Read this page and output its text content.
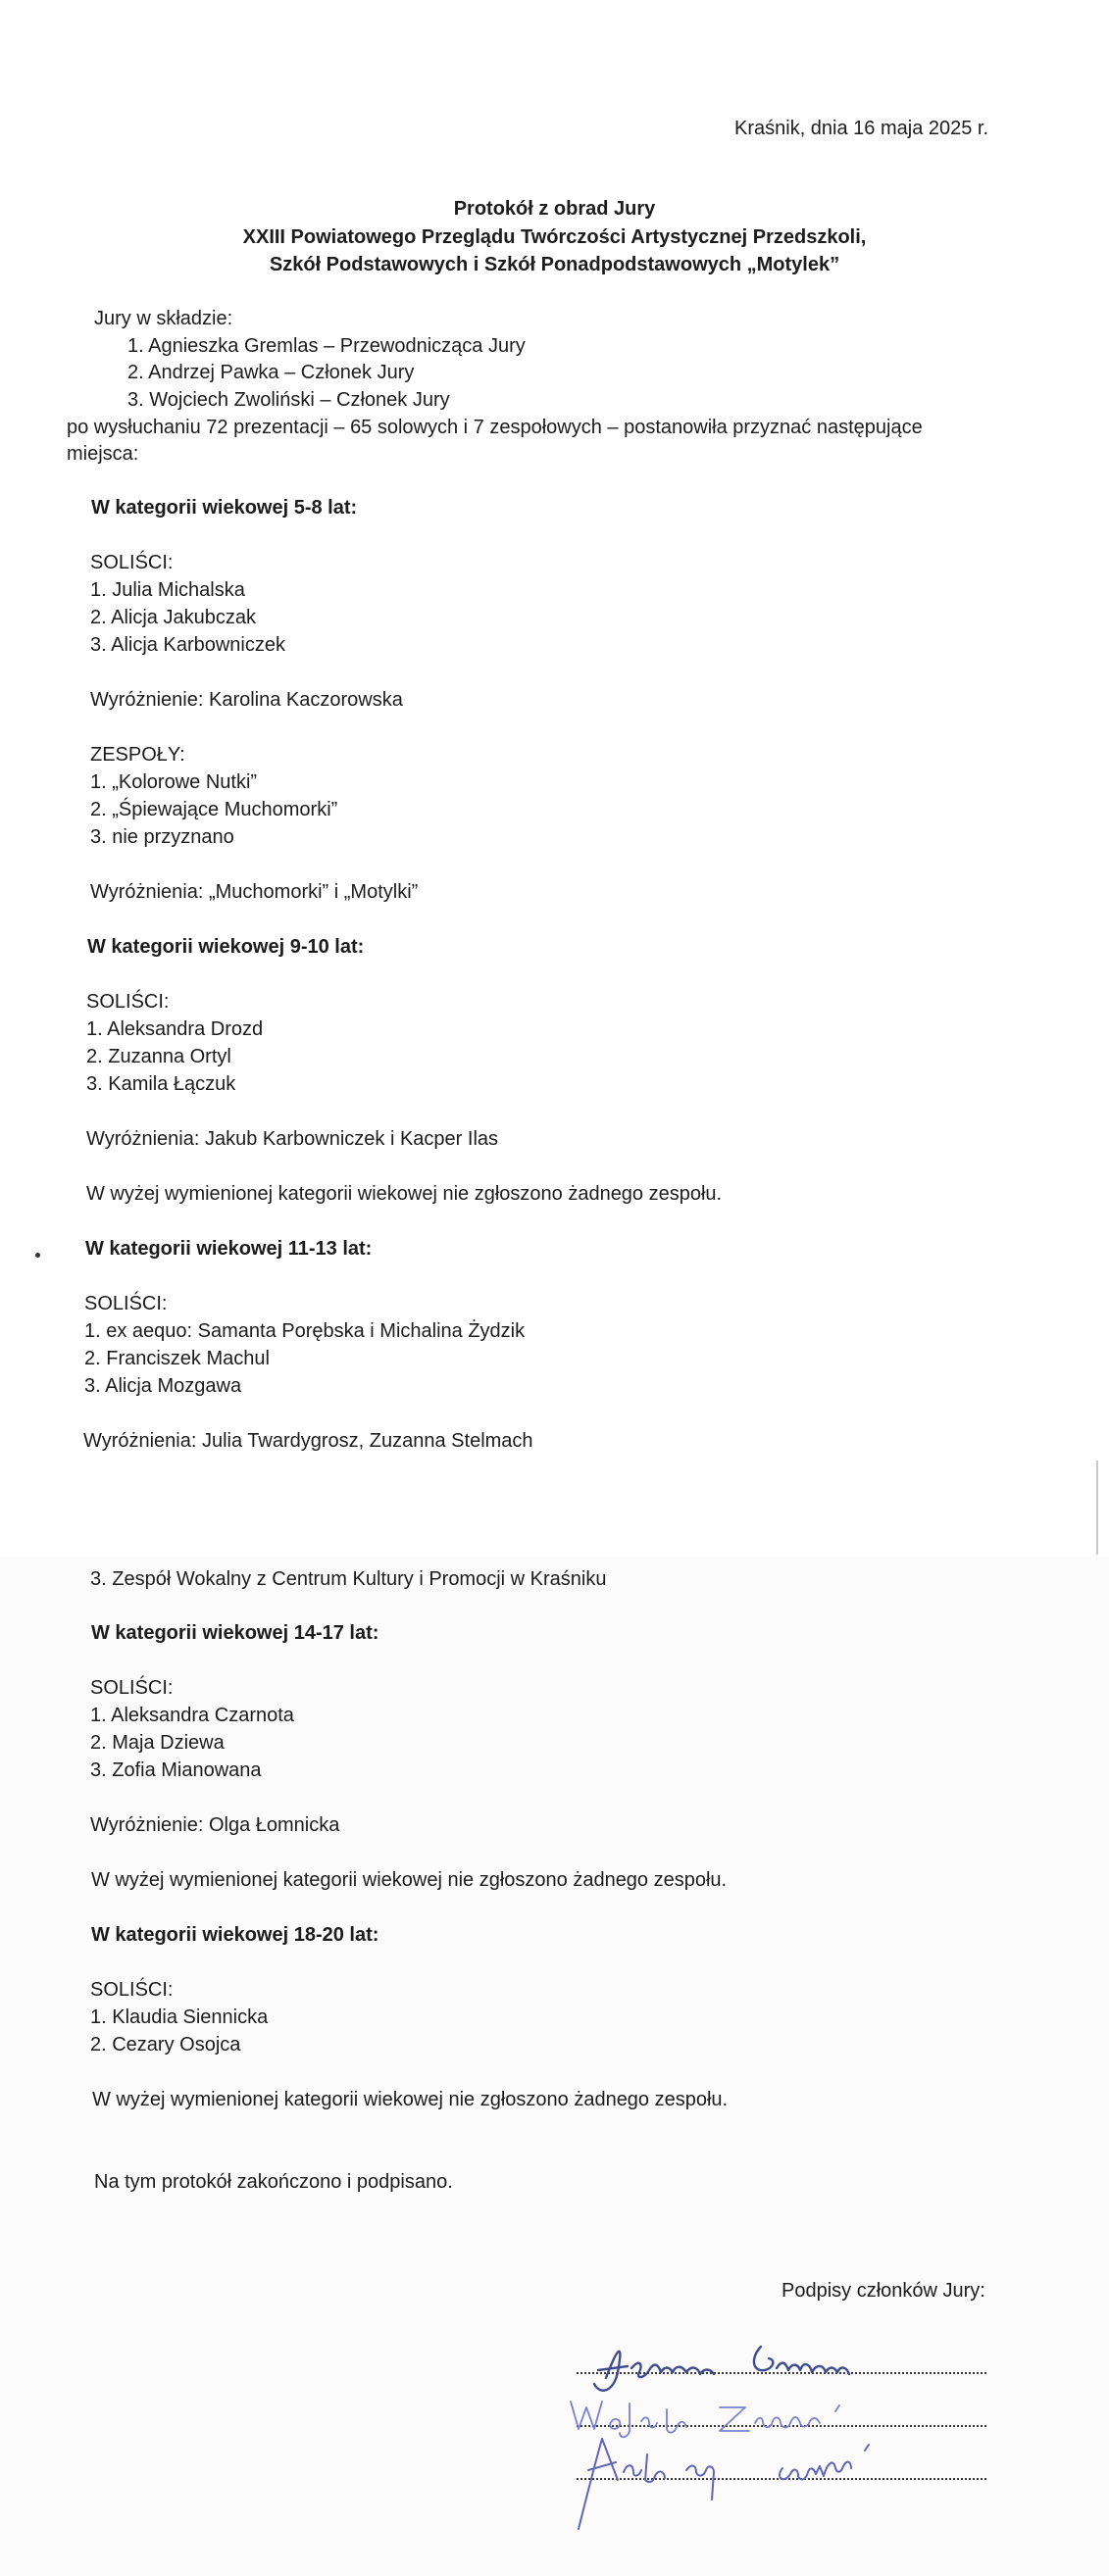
Kraśnik, dnia 16 maja 2025 r.
Protokół z obrad Jury
XXIII Powiatowego Przeglądu Twórczości Artystycznej Przedszkoli,
Szkół Podstawowych i Szkół Ponadpodstawowych „Motylek”
Jury w składzie:
1. Agnieszka Gremlas – Przewodnicząca Jury
2. Andrzej Pawka – Członek Jury
3. Wojciech Zwoliński – Członek Jury
po wysłuchaniu 72 prezentacji – 65 solowych i 7 zespołowych – postanowiła przyznać następujące
miejsca:
W kategorii wiekowej 5-8 lat:
SOLIŚCI:
1. Julia Michalska
2. Alicja Jakubczak
3. Alicja Karbowniczek
Wyróżnienie: Karolina Kaczorowska
ZESPOŁY:
1. „Kolorowe Nutki”
2. „Śpiewające Muchomorki”
3. nie przyznano
Wyróżnienia: „Muchomorki” i „Motylki”
W kategorii wiekowej 9-10 lat:
SOLIŚCI:
1. Aleksandra Drozd
2. Zuzanna Ortyl
3. Kamila Łączuk
Wyróżnienia: Jakub Karbowniczek i Kacper Ilas
W wyżej wymienionej kategorii wiekowej nie zgłoszono żadnego zespołu.
W kategorii wiekowej 11-13 lat:
SOLIŚCI:
1. ex aequo: Samanta Porębska i Michalina Żydzik
2. Franciszek Machul
3. Alicja Mozgawa
Wyróżnienia: Julia Twardygrosz, Zuzanna Stelmach
3. Zespół Wokalny z Centrum Kultury i Promocji w Kraśniku
W kategorii wiekowej 14-17 lat:
SOLIŚCI:
1. Aleksandra Czarnota
2. Maja Dziewa
3. Zofia Mianowana
Wyróżnienie: Olga Łomnicka
W wyżej wymienionej kategorii wiekowej nie zgłoszono żadnego zespołu.
W kategorii wiekowej 18-20 lat:
SOLIŚCI:
1. Klaudia Siennicka
2. Cezary Osojca
W wyżej wymienionej kategorii wiekowej nie zgłoszono żadnego zespołu.
Na tym protokół zakończono i podpisano.
Podpisy członków Jury:
